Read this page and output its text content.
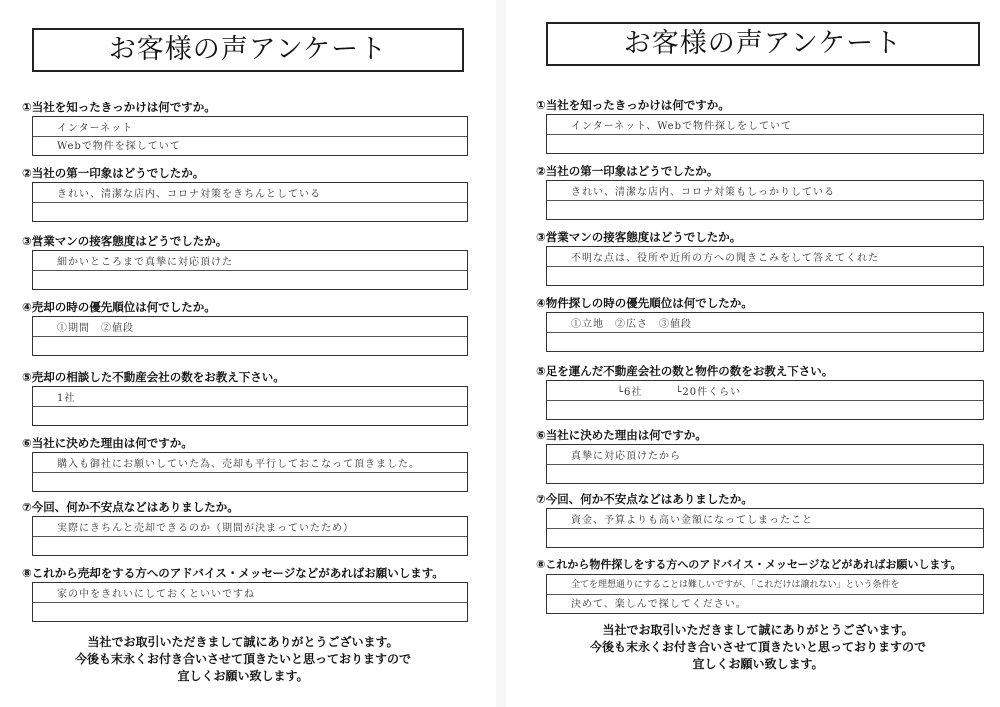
お客様の声アンケート
①当社を知ったきっかけは何ですか。
インターネット
Webで物件を探していて
②当社の第一印象はどうでしたか。
きれい、清潔な店内、コロナ対策をきちんとしている
③営業マンの接客態度はどうでしたか。
細かいところまで真摯に対応頂けた
④売却の時の優先順位は何でしたか。
①期間　②値段
⑤売却の相談した不動産会社の数をお教え下さい。
1社
⑥当社に決めた理由は何ですか。
購入も御社にお願いしていた為、売却も平行しておこなって頂きました。
⑦今回、何か不安点などはありましたか。
実際にきちんと売却できるのか（期間が決まっていたため）
⑧これから売却をする方へのアドバイス・メッセージなどがあればお願いします。
家の中をきれいにしておくといいですね
当社でお取引いただきまして誠にありがとうございます。
今後も末永くお付き合いさせて頂きたいと思っておりますので
宜しくお願い致します。
お客様の声アンケート
①当社を知ったきっかけは何ですか。
インターネット、Webで物件探しをしていて
②当社の第一印象はどうでしたか。
きれい、清潔な店内、コロナ対策もしっかりしている
③営業マンの接客態度はどうでしたか。
不明な点は、役所や近所の方への聞きこみをして答えてくれた
④物件探しの時の優先順位は何でしたか。
①立地　②広さ　③値段
⑤足を運んだ不動産会社の数と物件の数をお教え下さい。
└6社　　　└20件くらい
⑥当社に決めた理由は何ですか。
真摯に対応頂けたから
⑦今回、何か不安点などはありましたか。
資金、予算よりも高い金額になってしまったこと
⑧これから物件探しをする方へのアドバイス・メッセージなどがあればお願いします。
全てを理想通りにすることは難しいですが、「これだけは譲れない」という条件を
決めて、楽しんで探してください。
当社でお取引いただきまして誠にありがとうございます。
今後も末永くお付き合いさせて頂きたいと思っておりますので
宜しくお願い致します。
